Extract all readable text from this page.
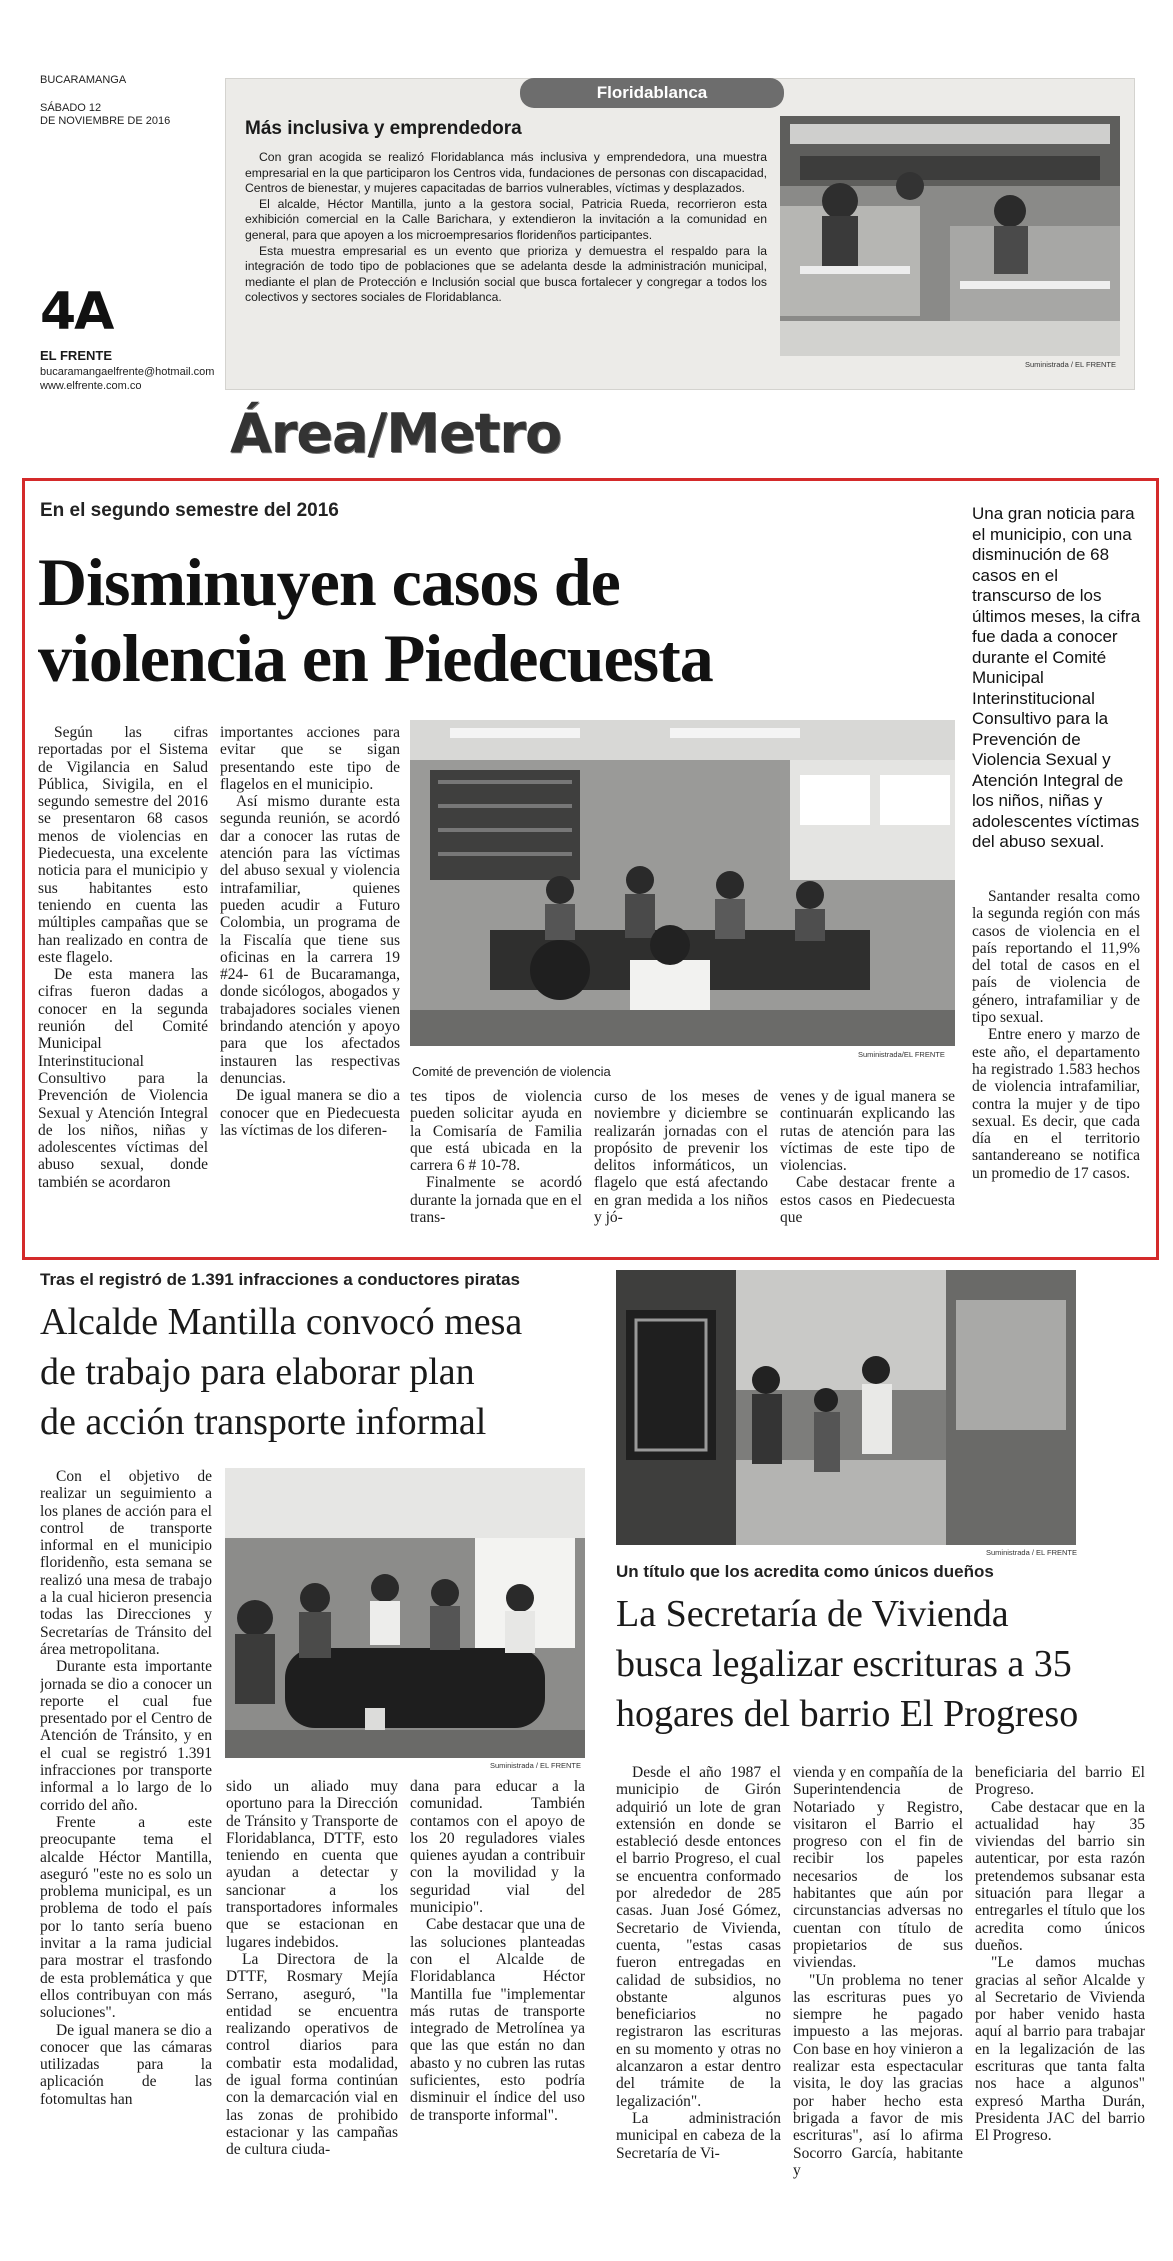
BUCARAMANGA
SÁBADO 12
DE NOVIEMBRE DE 2016
4A
EL FRENTE
bucaramangaelfrente@hotmail.com
www.elfrente.com.co
Floridablanca
Más inclusiva y emprendedora

Con gran acogida se realizó Floridablanca más inclusiva y emprendedora, una muestra empresarial en la que participaron los Centros vida, fundaciones de personas con discapacidad, Centros de bienestar, y mujeres capacitadas de barrios vulnerables, víctimas y desplazados.

El alcalde, Héctor Mantilla, junto a la gestora social, Patricia Rueda, recorrieron esta exhibición comercial en la Calle Barichara, y extendieron la invitación a la comunidad en general, para que apoyen a los microempresarios floridenños participantes.

Esta muestra empresarial es un evento que prioriza y demuestra el respaldo para la integración de todo tipo de poblaciones que se adelanta desde la administración municipal, mediante el plan de Protección e Inclusión social que busca fortalecer y congregar a todos los colectivos y sectores sociales de Floridablanca.

Suministrada / EL FRENTE
Área/Metro
En el segundo semestre del 2016
Disminuyen casos de
violencia en Piedecuesta
Una gran noticia para el municipio, con una disminución de 68 casos en el transcurso de los últimos meses, la cifra fue dada a conocer durante el Comité Municipal Interinstitucional Consultivo para la Prevención de Violencia Sexual y Atención Integral de los niños, niñas y adolescentes víctimas del abuso sexual.

Santander resalta como la segunda región con más casos de violencia en el país reportando el 11,9% del total de casos en el país de violencia de género, intrafamiliar y de tipo sexual.

Entre enero y marzo de este año, el departamento ha registrado 1.583 hechos de violencia intrafamiliar, contra la mujer y de tipo sexual. Es decir, que cada día en el territorio santandereano se notifica un promedio de 17 casos.

Según las cifras reportadas por el Sistema de Vigilancia en Salud Pública, Sivigila, en el segundo semestre del 2016 se presentaron 68 casos menos de violencias en Piedecuesta, una excelente noticia para el municipio y sus habitantes esto teniendo en cuenta las múltiples campañas que se han realizado en contra de este flagelo.

De esta manera las cifras fueron dadas a conocer en la segunda reunión del Comité Municipal Interinstitucional Consultivo para la Prevención de Violencia Sexual y Atención Integral de los niños, niñas y adolescentes víctimas del abuso sexual, donde también se acordaron

importantes acciones para evitar que se sigan presentando este tipo de flagelos en el municipio.

Así mismo durante esta segunda reunión, se acordó dar a conocer las rutas de atención para las víctimas del abuso sexual y violencia intrafamiliar, quienes pueden acudir a Futuro Colombia, un programa de la Fiscalía que tiene sus oficinas en la carrera 19 #24- 61 de Bucaramanga, donde sicólogos, abogados y trabajadores sociales vienen brindando atención y apoyo para que los afectados instauren las respectivas denuncias.

De igual manera se dio a conocer que en Piedecuesta las víctimas de los diferen-

Suministrada/EL FRENTE
Comité de prevención de violencia

tes tipos de violencia pueden solicitar ayuda en la Comisaría de Familia que está ubicada en la carrera 6 # 10-78.

Finalmente se acordó durante la jornada que en el trans-

curso de los meses de noviembre y diciembre se realizarán jornadas con el propósito de prevenir los delitos informáticos, un flagelo que está afectando en gran medida a los niños y jó-

venes y de igual manera se continuarán explicando las rutas de atención para las víctimas de este tipo de violencias.

Cabe destacar frente a estos casos en Piedecuesta que

Tras el registró de 1.391 infracciones a conductores piratas
Alcalde Mantilla convocó mesa
de trabajo para elaborar plan
de acción transporte informal

Con el objetivo de realizar un seguimiento a los planes de acción para el control de transporte informal en el municipio floridenño, esta semana se realizó una mesa de trabajo a la cual hicieron presencia todas las Direcciones y Secretarías de Tránsito del área metropolitana.

Durante esta importante jornada se dio a conocer un reporte el cual fue presentado por el Centro de Atención de Tránsito, y en el cual se registró 1.391 infracciones por transporte informal a lo largo de lo corrido del año.

Frente a este preocupante tema el alcalde Héctor Mantilla, aseguró "este no es solo un problema municipal, es un problema de todo el país por lo tanto sería bueno invitar a la rama judicial para mostrar el trasfondo de esta problemática y que ellos contribuyan con más soluciones".

De igual manera se dio a conocer que las cámaras utilizadas para la aplicación de las fotomultas han

Suministrada / EL FRENTE

sido un aliado muy oportuno para la Dirección de Tránsito y Transporte de Floridablanca, DTTF, esto teniendo en cuenta que ayudan a detectar y sancionar a los transportadores informales que se estacionan en lugares indebidos.

La Directora de la DTTF, Rosmary Mejía Serrano, aseguró, "la entidad se encuentra realizando operativos de control diarios para combatir esta modalidad, de igual forma continúan con la demarcación vial en las zonas de prohibido estacionar y las campañas de cultura ciuda-

dana para educar a la comunidad. También contamos con el apoyo de los 20 reguladores viales quienes ayudan a contribuir con la movilidad y la seguridad vial del municipio".

Cabe destacar que una de las soluciones planteadas con el Alcalde de Floridablanca Héctor Mantilla fue "implementar más rutas de transporte integrado de Metrolínea ya que las que están no dan abasto y no cubren las rutas suficientes, esto podría disminuir el índice del uso de transporte informal".

Suministrada / EL FRENTE
Un título que los acredita como únicos dueños
La Secretaría de Vivienda
busca legalizar escrituras a 35
hogares del barrio El Progreso

Desde el año 1987 el municipio de Girón adquirió un lote de gran extensión en donde se estableció desde entonces el barrio Progreso, el cual se encuentra conformado por alrededor de 285 casas. Juan José Gómez, Secretario de Vivienda, cuenta, "estas casas fueron entregadas en calidad de subsidios, no obstante algunos beneficiarios no registraron las escrituras en su momento y otras no alcanzaron a estar dentro del trámite de la legalización".

La administración municipal en cabeza de la Secretaría de Vi-

vienda y en compañía de la Superintendencia de Notariado y Registro, visitaron el Barrio el progreso con el fin de recibir los papeles necesarios de los habitantes que aún por circunstancias adversas no cuentan con título de propietarios de sus viviendas.

"Un problema no tener las escrituras pues yo siempre he pagado impuesto a las mejoras. Con base en hoy vinieron a realizar esta espectacular visita, le doy las gracias por haber hecho esta brigada a favor de mis escrituras", así lo afirma Socorro García, habitante y

beneficiaria del barrio El Progreso.

Cabe destacar que en la actualidad hay 35 viviendas del barrio sin autenticar, por esta razón pretendemos subsanar esta situación para llegar a entregarles el título que los acredita como únicos dueños.

"Le damos muchas gracias al señor Alcalde y al Secretario de Vivienda por haber venido hasta aquí al barrio para trabajar en la legalización de las escrituras que tanta falta nos hace a algunos" expresó Martha Durán, Presidenta JAC del barrio El Progreso.
